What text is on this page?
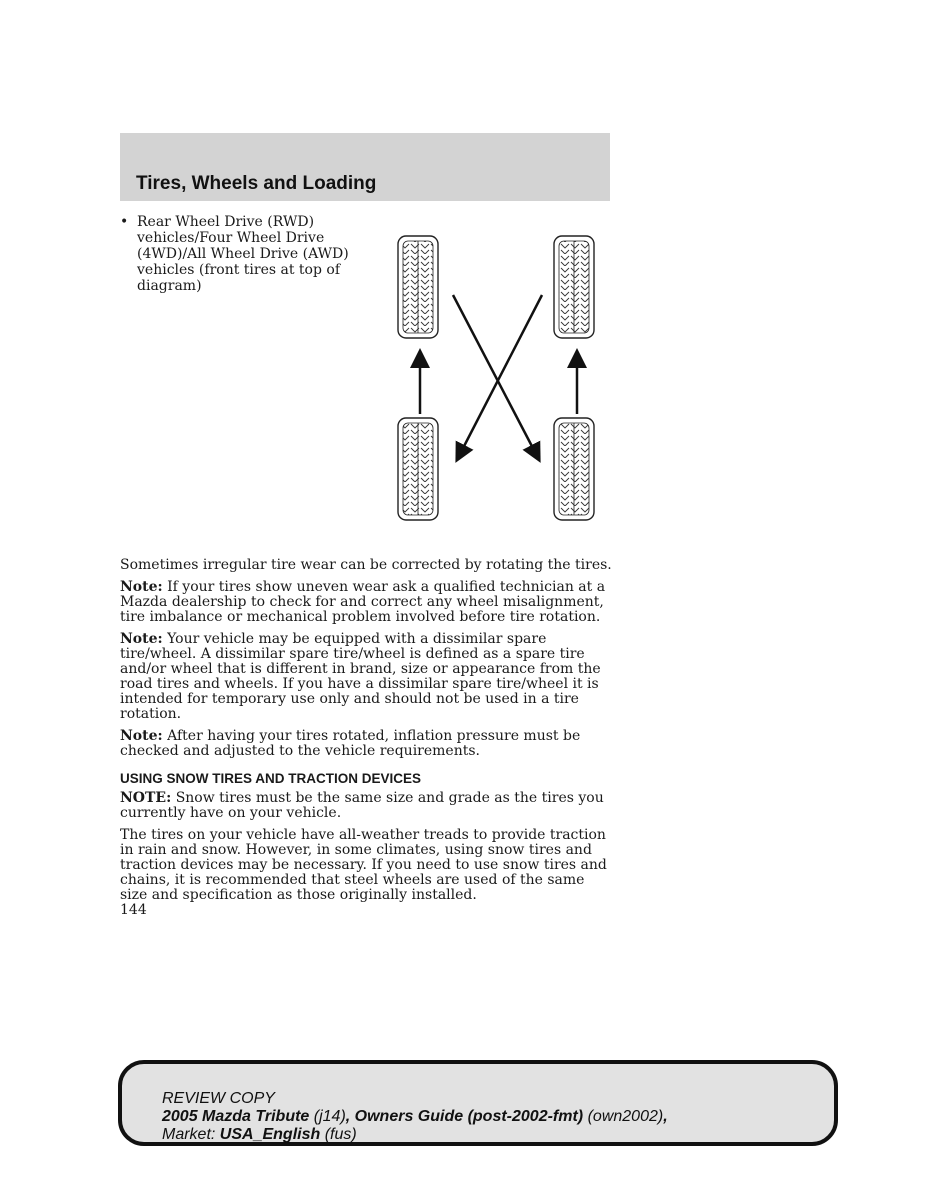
Tires, Wheels and Loading
• Rear Wheel Drive (RWD) vehicles/Four Wheel Drive (4WD)/All Wheel Drive (AWD) vehicles (front tires at top of diagram)

Sometimes irregular tire wear can be corrected by rotating the tires.

Note: If your tires show uneven wear ask a qualified technician at a Mazda dealership to check for and correct any wheel misalignment, tire imbalance or mechanical problem involved before tire rotation.

Note: Your vehicle may be equipped with a dissimilar spare tire/wheel. A dissimilar spare tire/wheel is defined as a spare tire and/or wheel that is different in brand, size or appearance from the road tires and wheels. If you have a dissimilar spare tire/wheel it is intended for temporary use only and should not be used in a tire rotation.

Note: After having your tires rotated, inflation pressure must be checked and adjusted to the vehicle requirements.

USING SNOW TIRES AND TRACTION DEVICES

NOTE: Snow tires must be the same size and grade as the tires you currently have on your vehicle.

The tires on your vehicle have all-weather treads to provide traction in rain and snow. However, in some climates, using snow tires and traction devices may be necessary. If you need to use snow tires and chains, it is recommended that steel wheels are used of the same size and specification as those originally installed.

144
REVIEW COPY
2005 Mazda Tribute (j14), Owners Guide (post-2002-fmt) (own2002),
Market: USA_English (fus)
